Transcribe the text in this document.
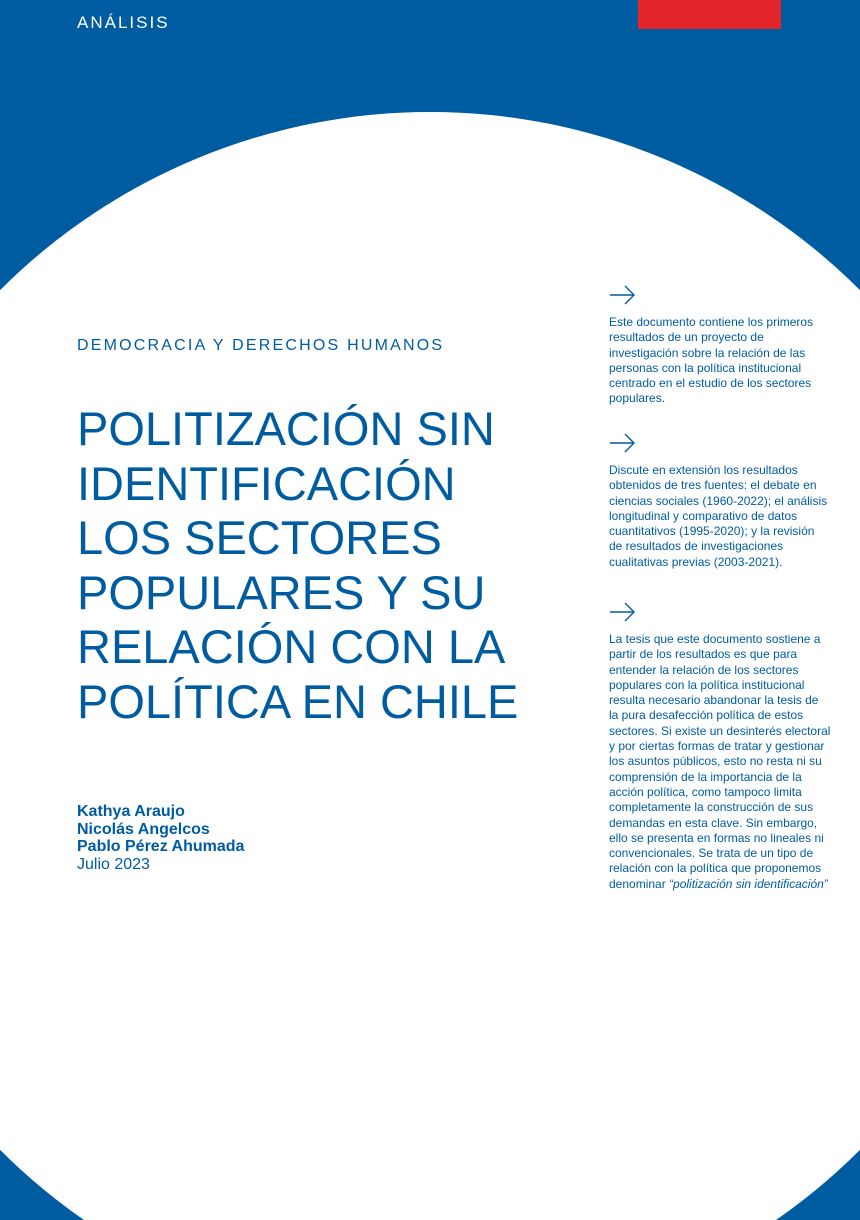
ANÁLISIS
DEMOCRACIA Y DERECHOS HUMANOS
POLITIZACIÓN SIN
IDENTIFICACIÓN
LOS SECTORES
POPULARES Y SU
RELACIÓN CON LA
POLÍTICA EN CHILE
Kathya Araujo
Nicolás Angelcos
Pablo Pérez Ahumada
Julio 2023

Este documento contiene los primeros resultados de un proyecto de investigación sobre la relación de las personas con la política institucional centrado en el estudio de los sectores populares.

Discute en extensión los resultados obtenidos de tres fuentes: el debate en ciencias sociales (1960-2022); el análisis longitudinal y comparativo de datos cuantitativos (1995-2020); y la revisión de resultados de investigaciones cualitativas previas (2003-2021).

La tesis que este documento sostiene a partir de los resultados es que para entender la relación de los sectores populares con la política institucional resulta necesario abandonar la tesis de la pura desafección política de estos sectores. Si existe un desinterés electoral y por ciertas formas de tratar y gestionar los asuntos públicos, esto no resta ni su comprensión de la importancia de la acción política, como tampoco limita completamente la construcción de sus demandas en esta clave. Sin embargo, ello se presenta en formas no lineales ni convencionales. Se trata de un tipo de relación con la política que proponemos denominar “politización sin identificación”

FRIEDRICH
EBERT
STIFTUNG
